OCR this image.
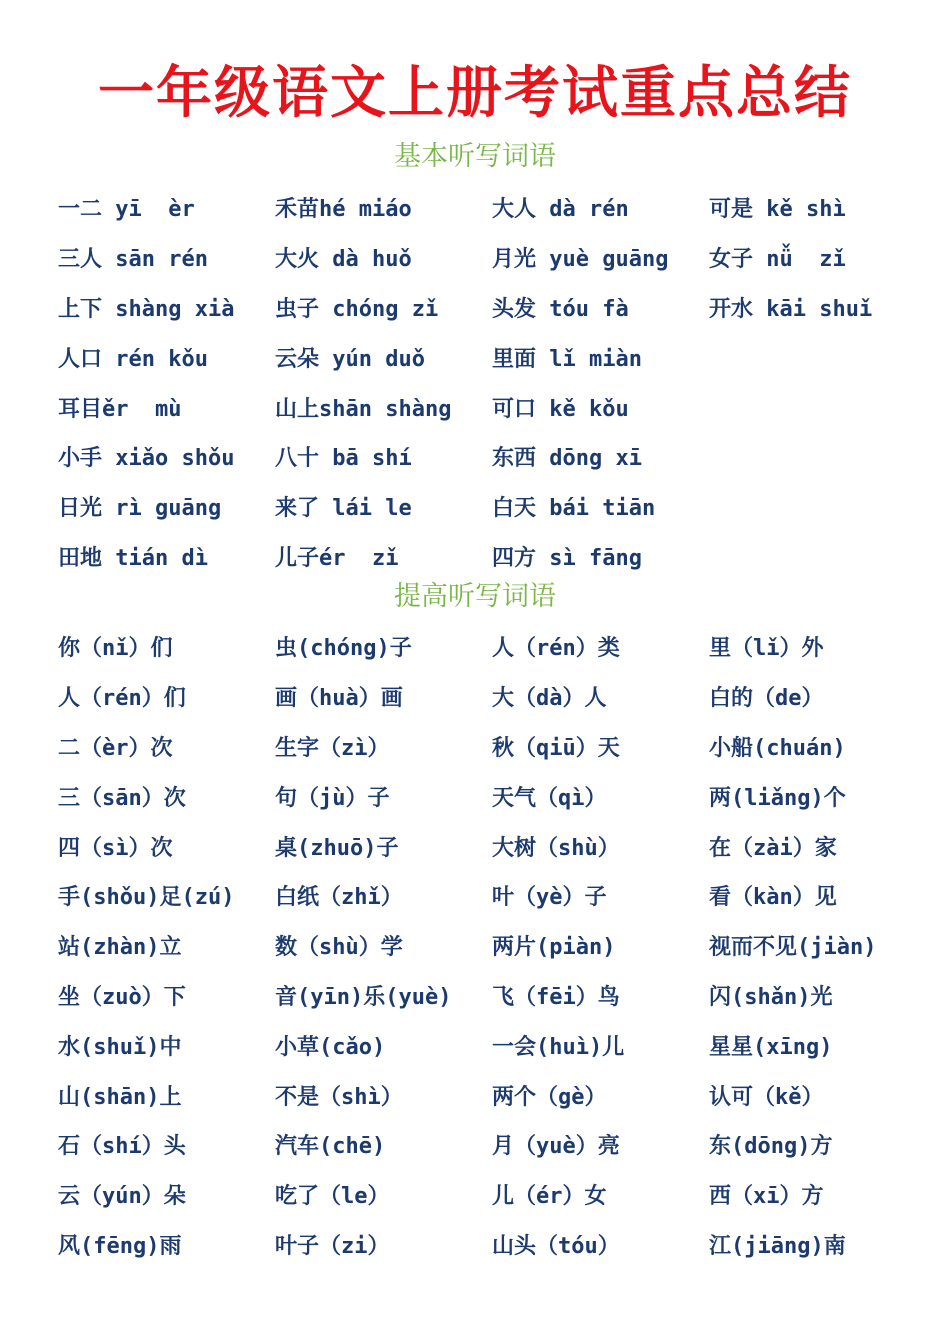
一年级语文上册考试重点总结
基本听写词语
一二 yī  èr	禾苗hé miáo	大人 dà rén	可是 kě shì
三人 sān rén	大火 dà huǒ	月光 yuè guāng	女子 nǚ  zǐ
上下 shàng xià	虫子 chóng zǐ	头发 tóu fà	开水 kāi shuǐ
人口 rén kǒu	云朵 yún duǒ	里面 lǐ miàn
耳目ěr  mù	山上shān shàng	可口 kě kǒu
小手 xiǎo shǒu	八十 bā shí	东西 dōng xī
日光 rì guāng	来了 lái le	白天 bái tiān
田地 tián dì	儿子ér  zǐ	四方 sì fāng
提高听写词语
你（nǐ）们	虫(chóng)子	人（rén）类	里（lǐ）外
人（rén）们	画（huà）画	大（dà）人	白的（de）
二（èr）次	生字（zì）	秋（qiū）天	小船(chuán)
三（sān）次	句（jù）子	天气（qì）	两(liǎng)个
四（sì）次	桌(zhuō)子	大树（shù）	在（zài）家
手(shǒu)足(zú)	白纸（zhǐ）	叶（yè）子	看（kàn）见
站(zhàn)立	数（shù）学	两片(piàn)	视而不见(jiàn)
坐（zuò）下	音(yīn)乐(yuè)	飞（fēi）鸟	闪(shǎn)光
水(shuǐ)中	小草(cǎo)	一会(huì)儿	星星(xīng)
山(shān)上	不是（shì）	两个（gè）	认可（kě）
石（shí）头	汽车(chē)	月（yuè）亮	东(dōng)方
云（yún）朵	吃了（le）	儿（ér）女	西（xī）方
风(fēng)雨	叶子（zi）	山头（tóu）	江(jiāng)南
